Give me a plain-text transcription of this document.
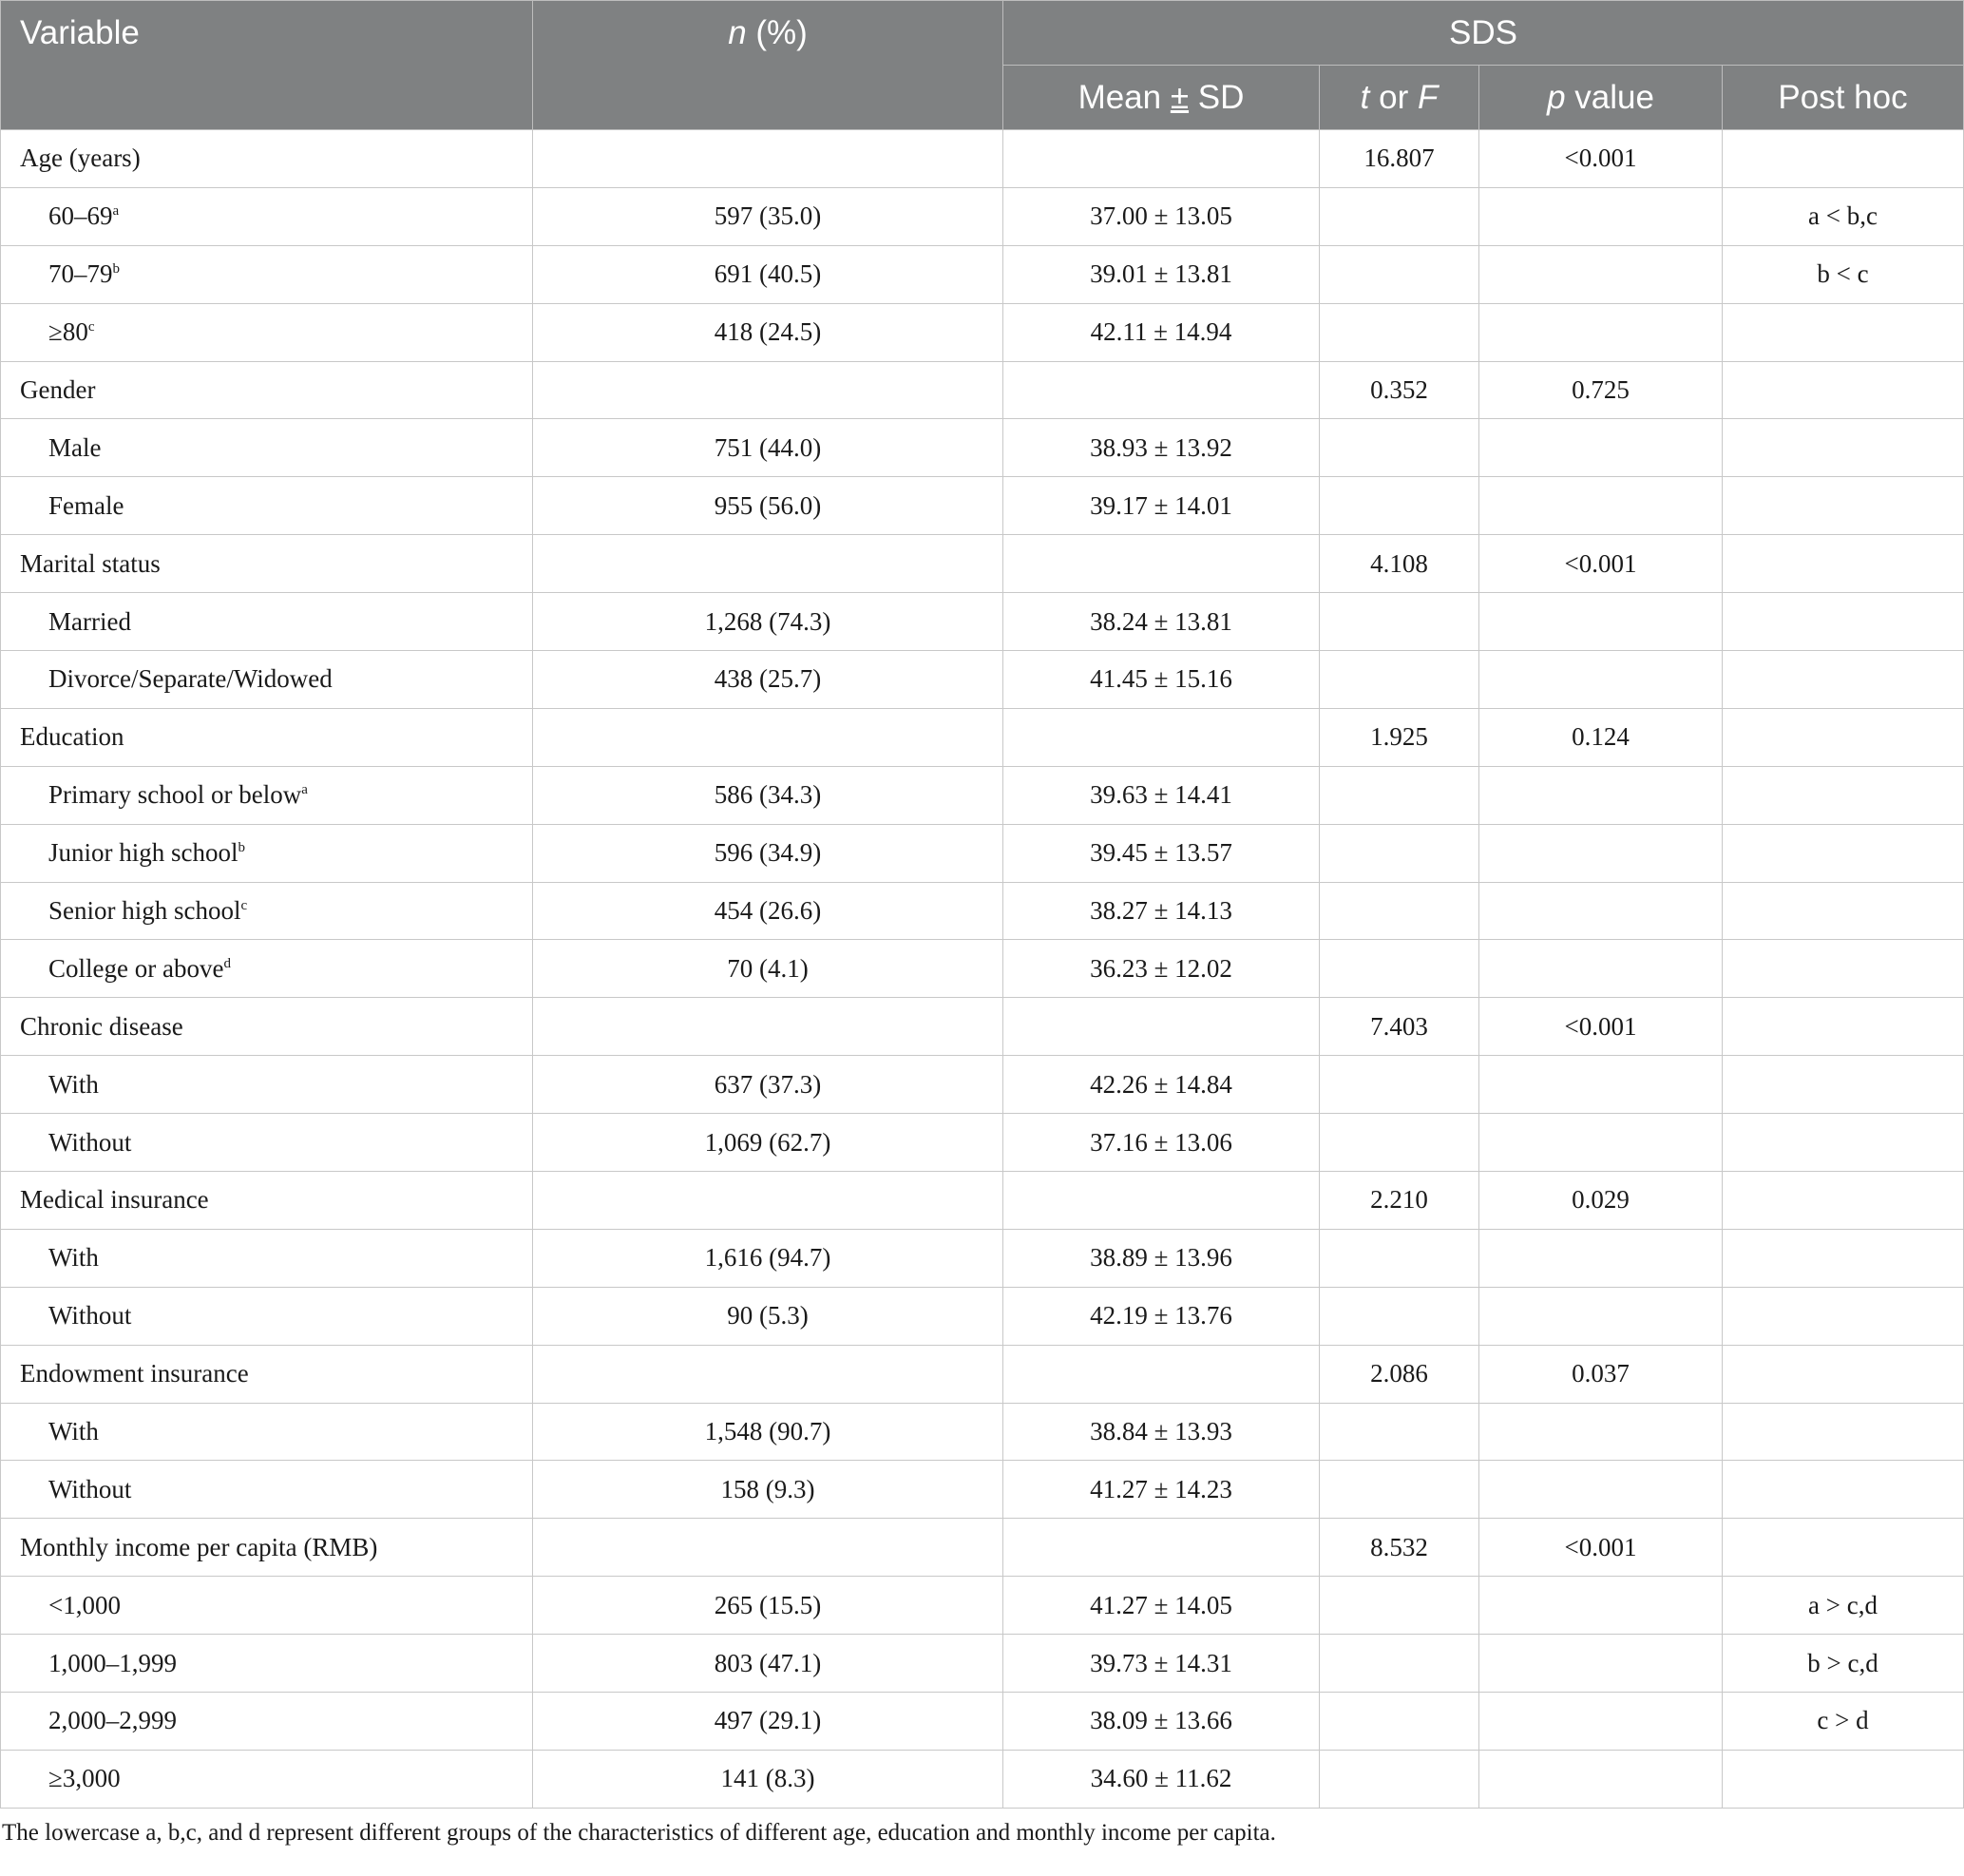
Variable	n (%)	SDS			
		Mean ± SD	t or F	p value	Post hoc
Age (years)			16.807	<0.001	
60–69$^a$	597 (35.0)	37.00 ± 13.05			a < b,c
70–79$^b$	691 (40.5)	39.01 ± 13.81			b < c
$\ge 80^c$	418 (24.5)	42.11 ± 14.94			
Gender			0.352	0.725	
Male	751 (44.0)	38.93 ± 13.92			
Female	955 (56.0)	39.17 ± 14.01			
Marital status			4.108	<0.001	
Married	1,268 (74.3)	38.24 ± 13.81			
Divorce/Separate/Widowed	438 (25.7)	41.45 ± 15.16			
Education			1.925	0.124	
Primary school or below$^a$	586 (34.3)	39.63 ± 14.41			
Junior high school$^b$	596 (34.9)	39.45 ± 13.57			
Senior high school$^c$	454 (26.6)	38.27 ± 14.13			
College or above$^d$	70 (4.1)	36.23 ± 12.02			
Chronic disease			7.403	<0.001	
With	637 (37.3)	42.26 ± 14.84			
Without	1,069 (62.7)	37.16 ± 13.06			
Medical insurance			2.210	0.029	
With	1,616 (94.7)	38.89 ± 13.96			
Without	90 (5.3)	42.19 ± 13.76			
Endowment insurance			2.086	0.037	
With	1,548 (90.7)	38.84 ± 13.93			
Without	158 (9.3)	41.27 ± 14.23			
Monthly income per capita (RMB)			8.532	<0.001	
<1,000	265 (15.5)	41.27 ± 14.05			a > c,d
1,000–1,999	803 (47.1)	39.73 ± 14.31			b > c,d
2,000–2,999	497 (29.1)	38.09 ± 13.66			c > d
≥3,000	141 (8.3)	34.60 ± 11.62			
The lowercase a, b,c, and d represent different groups of the characteristics of different age, education and monthly income per capita.
